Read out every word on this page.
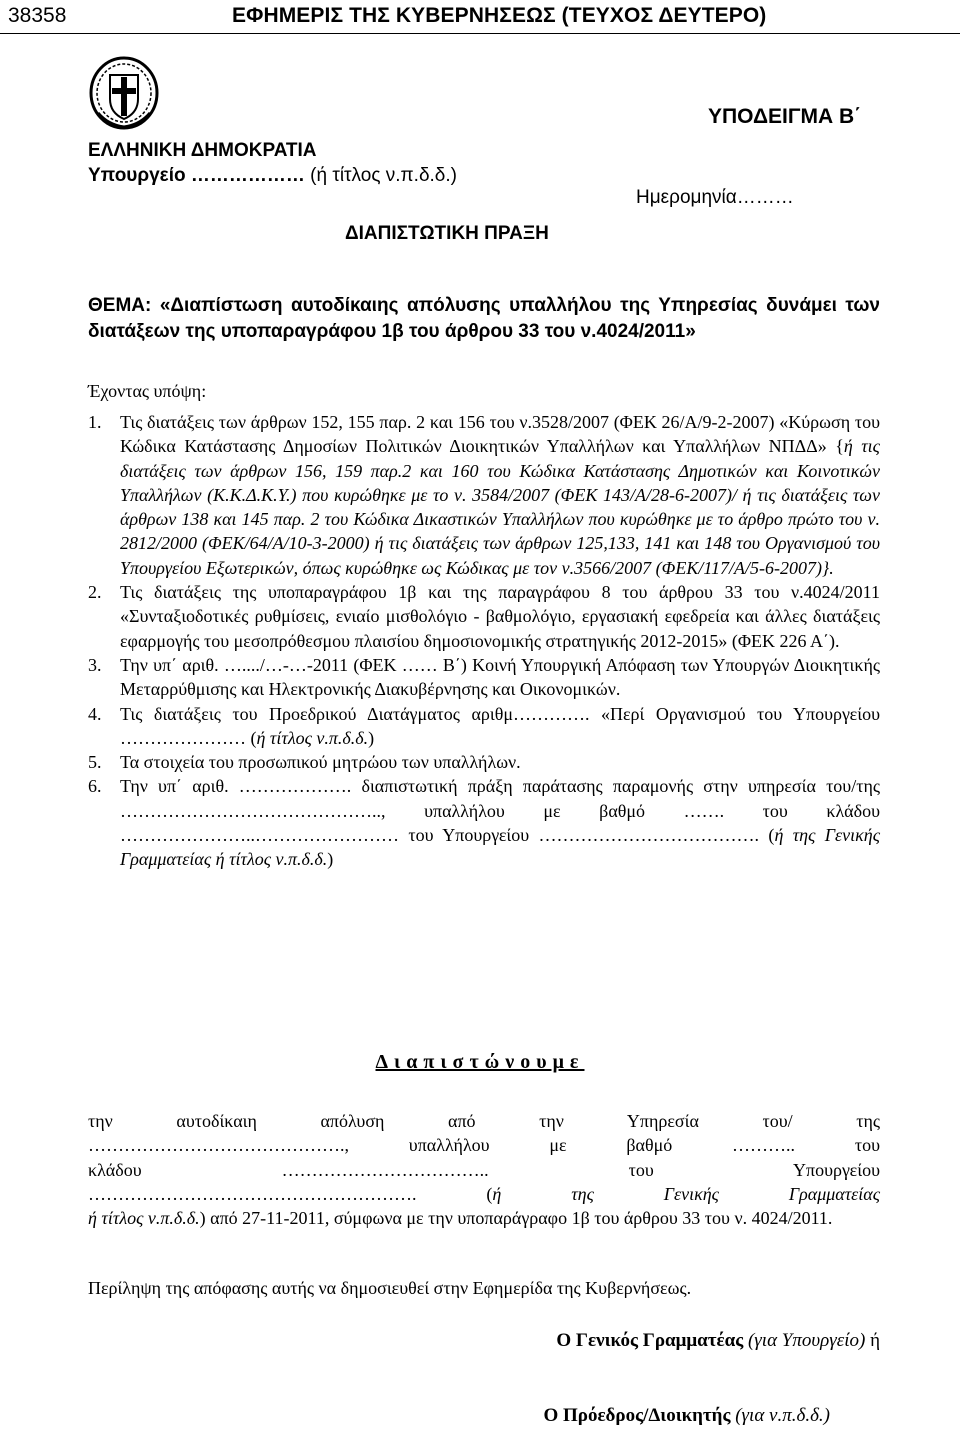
38358	ΕΦΗΜΕΡΙΣ ΤΗΣ ΚΥΒΕΡΝΗΣΕΩΣ (ΤΕΥΧΟΣ ΔΕΥΤΕΡΟ)
ΕΛΛΗΝΙΚΗ ΔΗΜΟΚΡΑΤΙΑ
Υπουργείο ……………… (ή τίτλος ν.π.δ.δ.)
ΥΠΟΔΕΙΓΜΑ Β΄
Ημερομηνία………
ΔΙΑΠΙΣΤΩΤΙΚΗ ΠΡΑΞΗ
ΘΕΜΑ: «Διαπίστωση αυτοδίκαιης απόλυσης υπαλλήλου της Υπηρεσίας δυνάμει των διατάξεων της υποπαραγράφου 1β του άρθρου 33 του ν.4024/2011»
Έχοντας υπόψη:
1. Τις διατάξεις των άρθρων 152, 155 παρ. 2 και 156 του ν.3528/2007 (ΦΕΚ 26/Α/9-2-2007) «Κύρωση του Κώδικα Κατάστασης Δημοσίων Πολιτικών Διοικητικών Υπαλλήλων και Υπαλλήλων ΝΠΔΔ» {ή τις διατάξεις των άρθρων 156, 159 παρ.2 και 160 του Κώδικα Κατάστασης Δημοτικών και Κοινοτικών Υπαλλήλων (Κ.Κ.Δ.Κ.Υ.) που κυρώθηκε με το ν. 3584/2007 (ΦΕΚ 143/Α/28-6-2007)/ ή τις διατάξεις των άρθρων 138 και 145 παρ. 2 του Κώδικα Δικαστικών Υπαλλήλων που κυρώθηκε με το άρθρο πρώτο του ν. 2812/2000 (ΦΕΚ/64/Α/10-3-2000) ή τις διατάξεις των άρθρων 125,133, 141 και 148 του Οργανισμού του Υπουργείου Εξωτερικών, όπως κυρώθηκε ως Κώδικας με τον ν.3566/2007 (ΦΕΚ/117/Α/5-6-2007)}.
2. Τις διατάξεις της υποπαραγράφου 1β και της παραγράφου 8 του άρθρου 33 του ν.4024/2011 «Συνταξιοδοτικές ρυθμίσεις, ενιαίο μισθολόγιο - βαθμολόγιο, εργασιακή εφεδρεία και άλλες διατάξεις εφαρμογής του μεσοπρόθεσμου πλαισίου δημοσιονομικής στρατηγικής 2012-2015» (ΦΕΚ 226 Α΄).
3. Την υπ΄ αριθ. …..../…-…-2011 (ΦΕΚ …… Β΄) Κοινή Υπουργική Απόφαση των Υπουργών Διοικητικής Μεταρρύθμισης και Ηλεκτρονικής Διακυβέρνησης και Οικονομικών.
4. Τις διατάξεις του Προεδρικού Διατάγματος αριθμ…………. «Περί Οργανισμού του Υπουργείου ………………… (ή τίτλος ν.π.δ.δ.)
5. Τα στοιχεία του προσωπικού μητρώου των υπαλλήλων.
6. Την υπ΄ αριθ. ………………. διαπιστωτική πράξη παράτασης παραμονής στην υπηρεσία του/της …………………………………….., υπαλλήλου με βαθμό ……. του κλάδου …………………..…………………… του Υπουργείου ………………………………. (ή της Γενικής Γραμματείας ή τίτλος ν.π.δ.δ.)
Διαπιστώνουμε
την αυτοδίκαιη απόλυση από την Υπηρεσία του/ της
……………………………………., υπαλλήλου με βαθμό ……….. του
κλάδου …………………………….. του Υπουργείου
………………………………………………. (ή της Γενικής Γραμματείας
ή τίτλος ν.π.δ.δ.) από 27-11-2011, σύμφωνα με την υποπαράγραφο 1β του άρθρου 33 του ν. 4024/2011.
Περίληψη της απόφασης αυτής να δημοσιευθεί στην Εφημερίδα της Κυβερνήσεως.
Ο Γενικός Γραμματέας (για Υπουργείο) ή
Ο Πρόεδρος/Διοικητής (για ν.π.δ.δ.)
